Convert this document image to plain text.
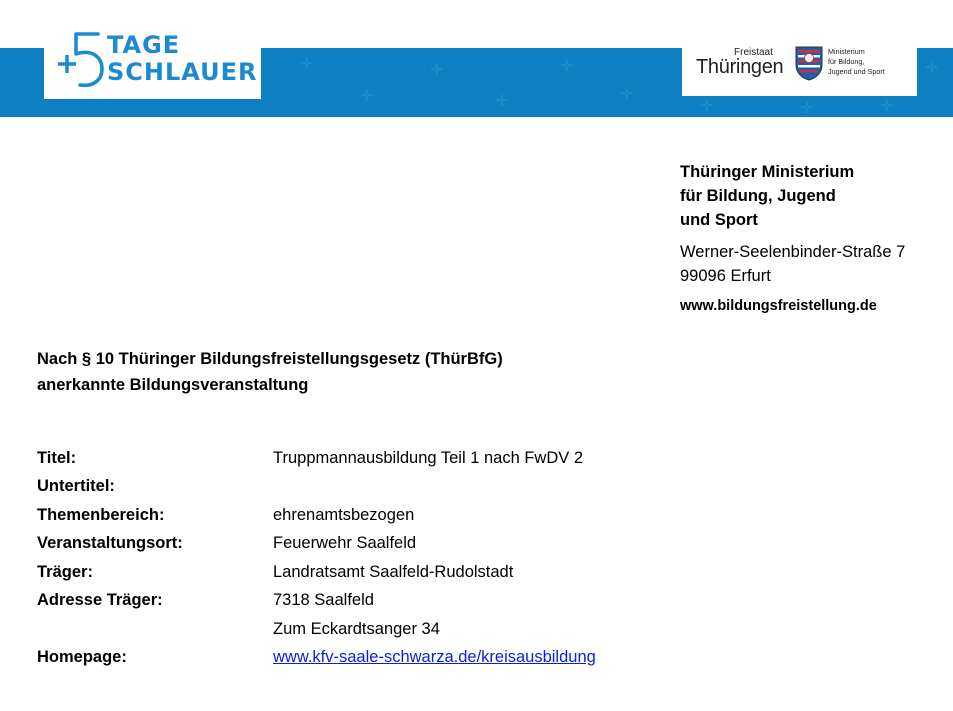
✛
✛
✛
✛
✛
✛
✛
✛	✛	✛
TAGE
SCHLAUER
Freistaat
Thüringen
Ministerium
für Bildung,
Jugend und Sport
Thüringer Ministerium
für Bildung, Jugend
und Sport
Werner-Seelenbinder-Straße 7
99096 Erfurt
www.bildungsfreistellung.de
Nach § 10 Thüringer Bildungsfreistellungsgesetz (ThürBfG)
anerkannte Bildungsveranstaltung
Titel:	Truppmannausbildung Teil 1 nach FwDV 2
Untertitel:
Themenbereich:	ehrenamtsbezogen
Veranstaltungsort:	Feuerwehr Saalfeld
Träger:	Landratsamt Saalfeld-Rudolstadt
Adresse Träger:	7318 Saalfeld
Zum Eckardtsanger 34
Homepage:	www.kfv-saale-schwarza.de/kreisausbildung
